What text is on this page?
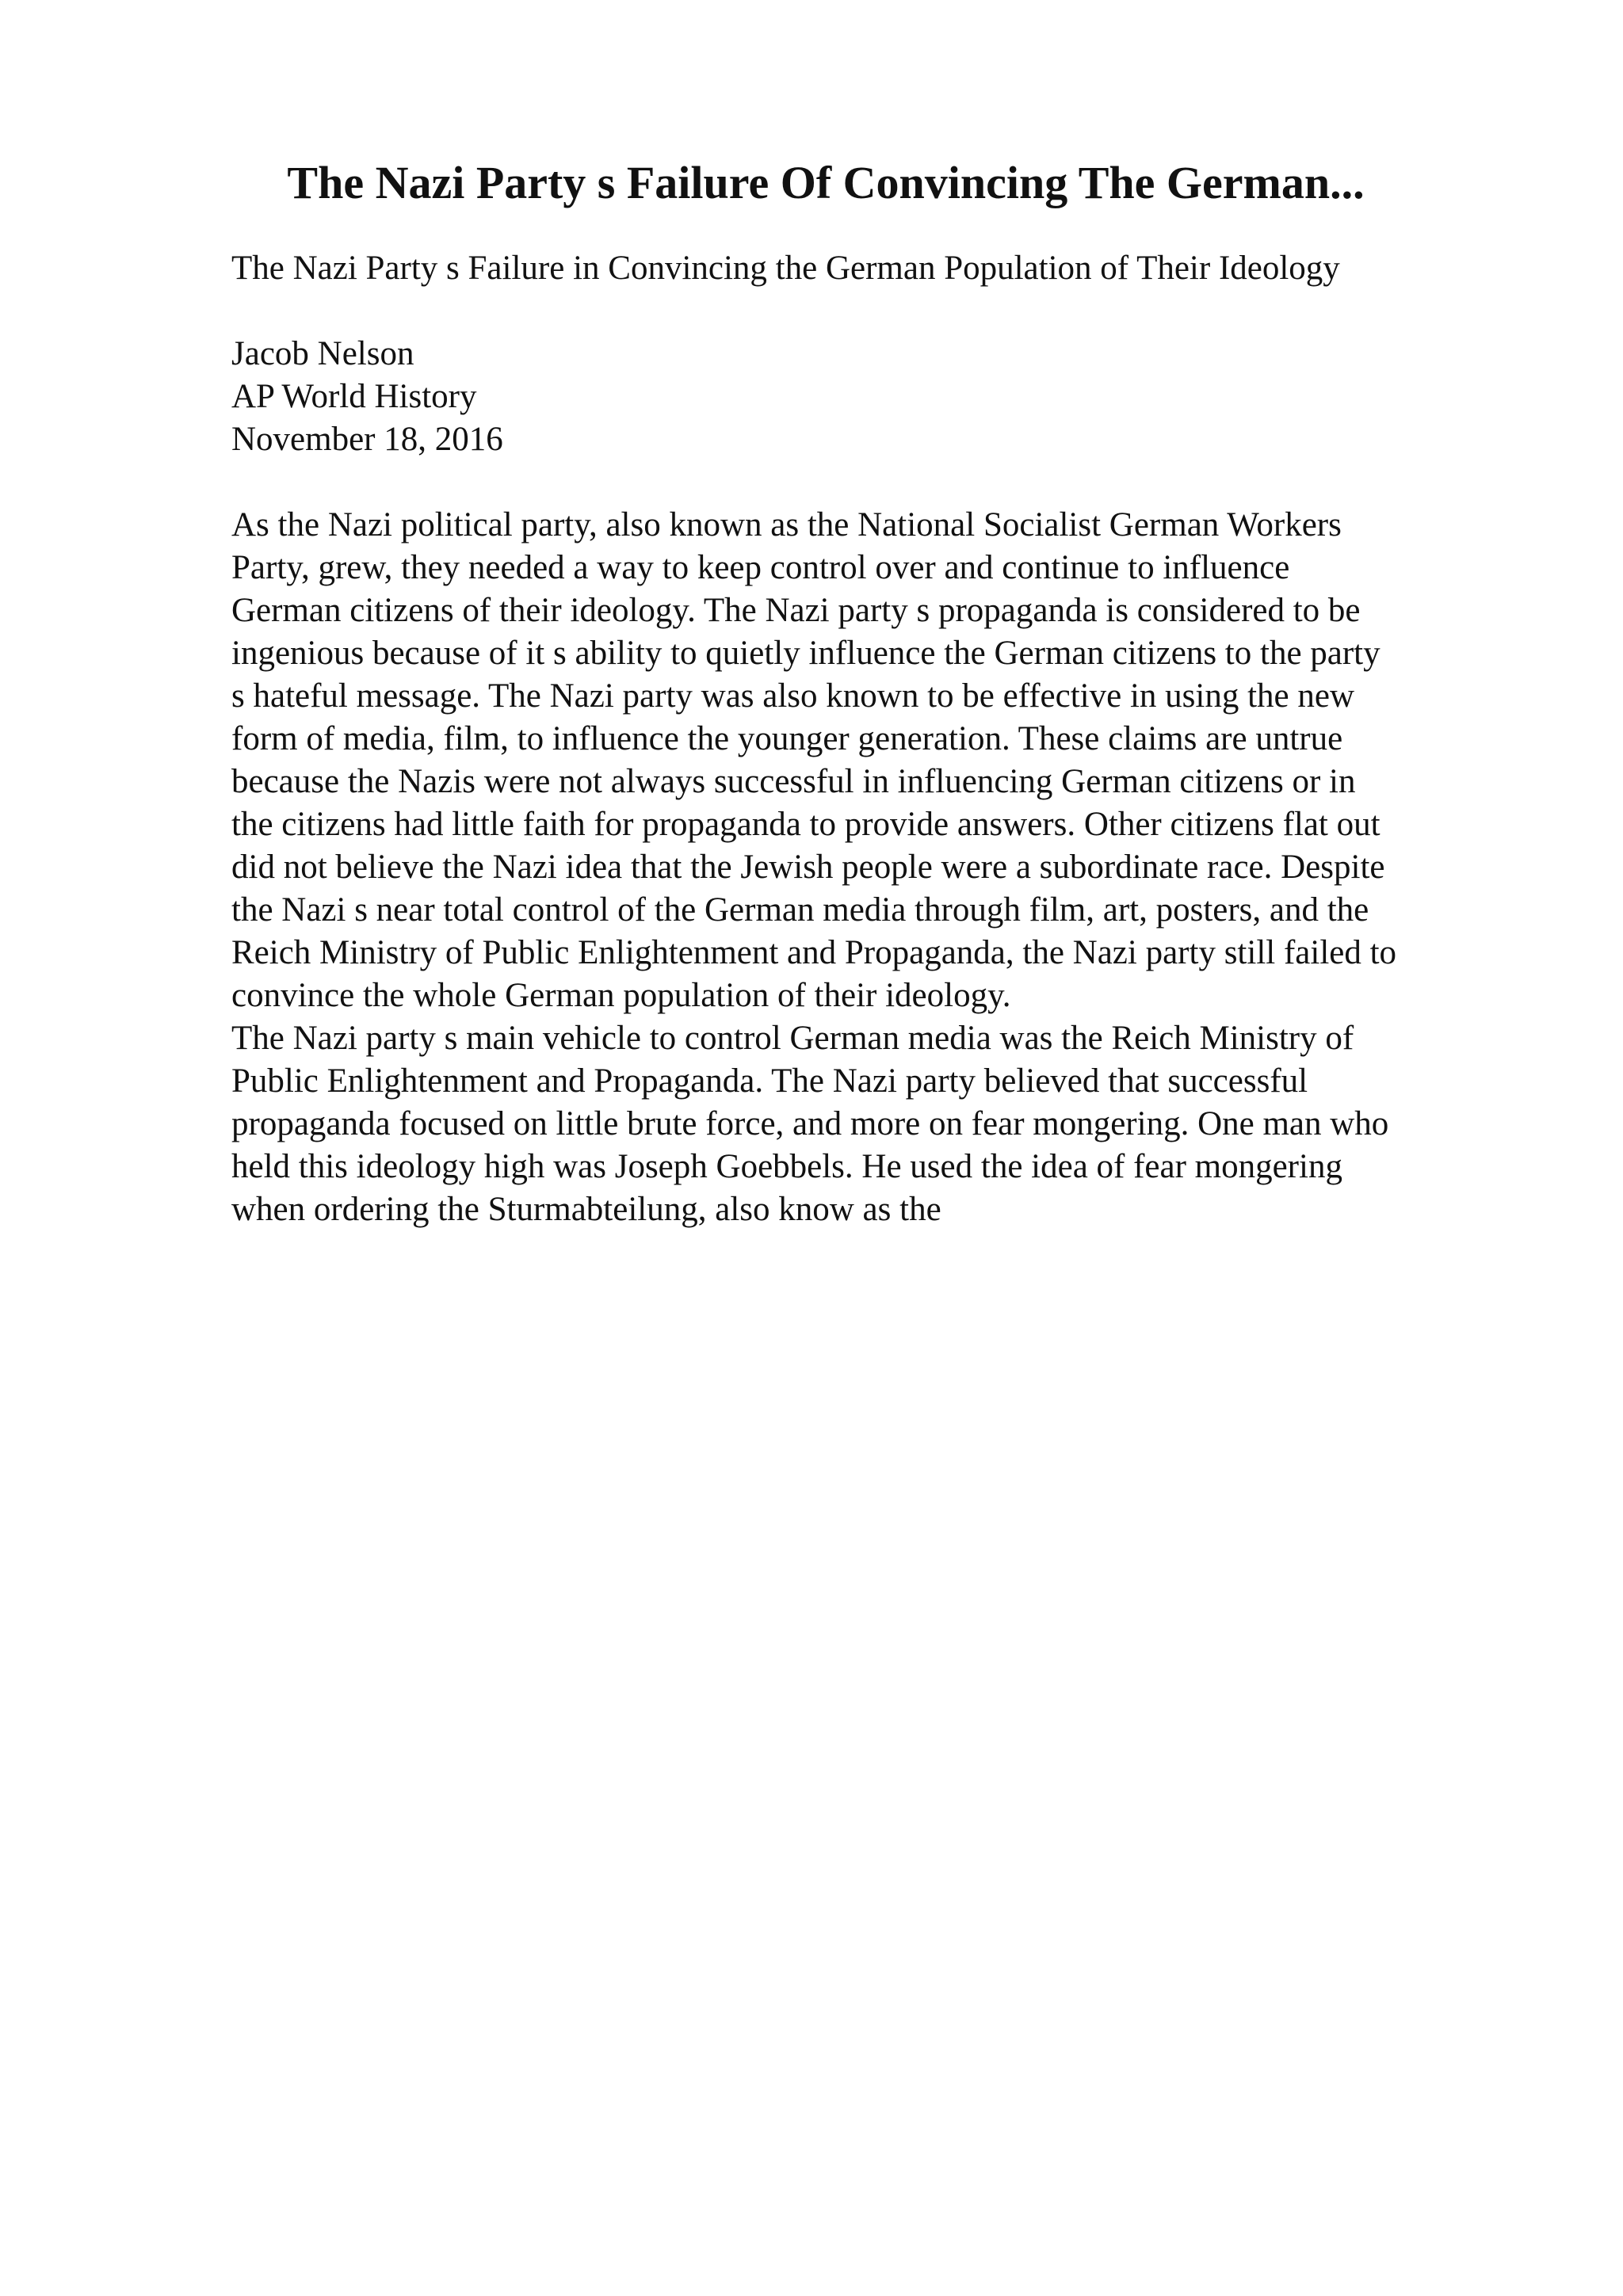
The Nazi Party s Failure Of Convincing The German...

The Nazi Party s Failure in Convincing the German Population of Their Ideology

Jacob Nelson
AP World History
November 18, 2016
As the Nazi political party, also known as the National Socialist German Workers
Party, grew, they needed a way to keep control over and continue to influence
German citizens of their ideology. The Nazi party s propaganda is considered to be
ingenious because of it s ability to quietly influence the German citizens to the party
s hateful message. The Nazi party was also known to be effective in using the new
form of media, film, to influence the younger generation. These claims are untrue
because the Nazis were not always successful in influencing German citizens or in
the citizens had little faith for propaganda to provide answers. Other citizens flat out
did not believe the Nazi idea that the Jewish people were a subordinate race. Despite
the Nazi s near total control of the German media through film, art, posters, and the
Reich Ministry of Public Enlightenment and Propaganda, the Nazi party still failed to
convince the whole German population of their ideology.
The Nazi party s main vehicle to control German media was the Reich Ministry of
Public Enlightenment and Propaganda. The Nazi party believed that successful
propaganda focused on little brute force, and more on fear mongering. One man who
held this ideology high was Joseph Goebbels. He used the idea of fear mongering
when ordering the Sturmabteilung, also know as the
